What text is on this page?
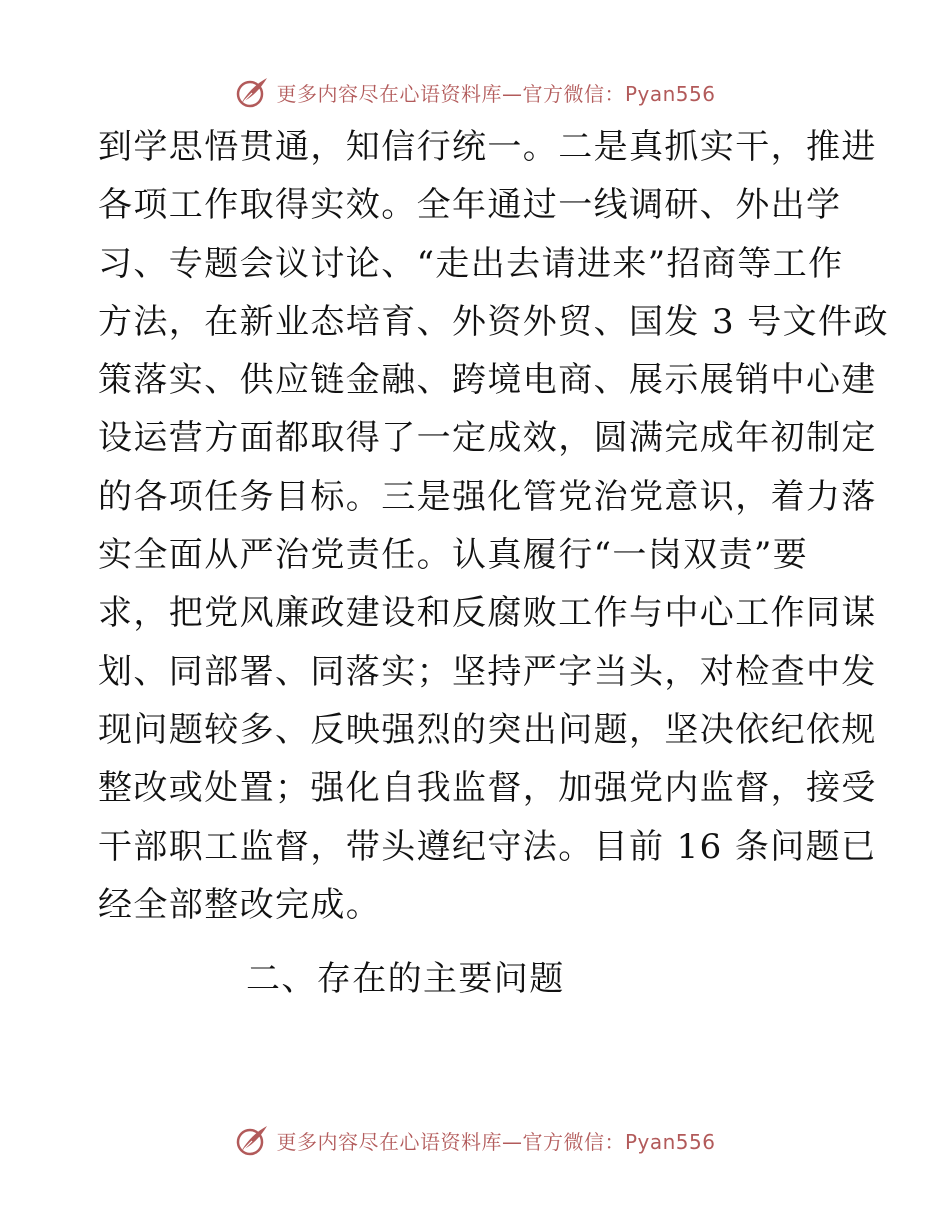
更多内容尽在心语资料库—官方微信：Pyan556
到学思悟贯通，知信行统一。二是真抓实干，推进
各项工作取得实效。全年通过一线调研、外出学
习、专题会议讨论、“走出去请进来”招商等工作
方法，在新业态培育、外资外贸、国发 3 号文件政
策落实、供应链金融、跨境电商、展示展销中心建
设运营方面都取得了一定成效，圆满完成年初制定
的各项任务目标。三是强化管党治党意识，着力落
实全面从严治党责任。认真履行“一岗双责”要
求，把党风廉政建设和反腐败工作与中心工作同谋
划、同部署、同落实；坚持严字当头，对检查中发
现问题较多、反映强烈的突出问题，坚决依纪依规
整改或处置；强化自我监督，加强党内监督，接受
干部职工监督，带头遵纪守法。目前 16 条问题已
经全部整改完成。
二、存在的主要问题
更多内容尽在心语资料库—官方微信：Pyan556
